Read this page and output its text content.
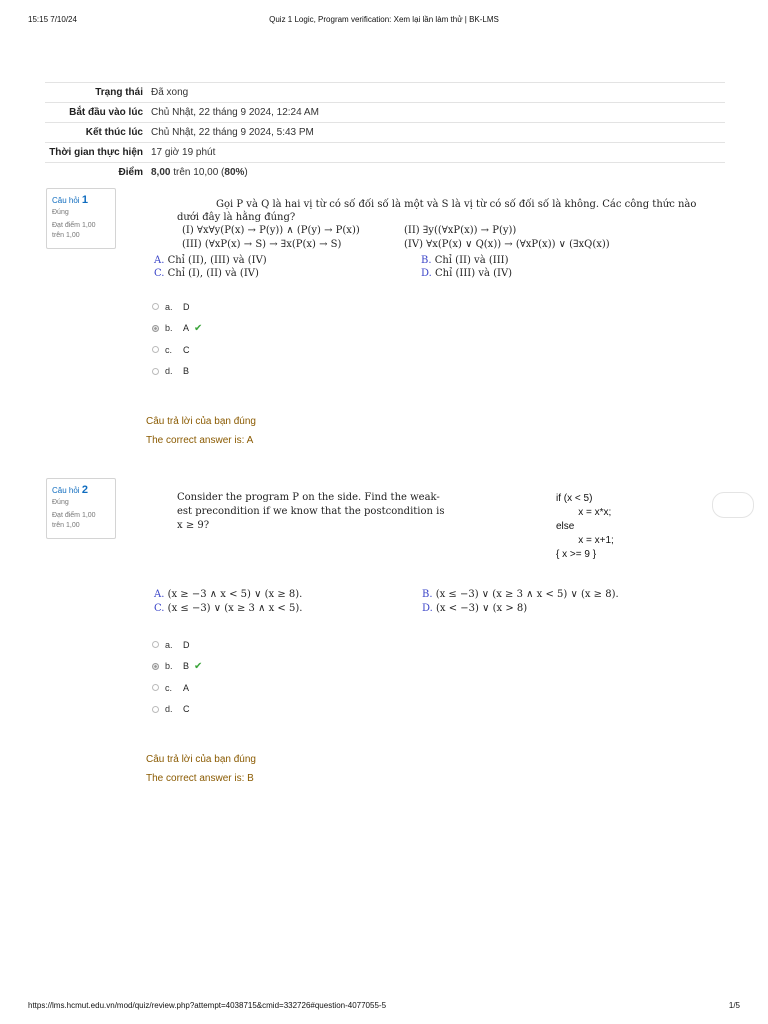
15:15 7/10/24	Quiz 1 Logic, Program verification: Xem lại lần làm thử | BK-LMS
Trạng thái	Đã xong
Bắt đầu vào lúc	Chủ Nhật, 22 tháng 9 2024, 12:24 AM
Kết thúc lúc	Chủ Nhật, 22 tháng 9 2024, 5:43 PM
Thời gian thực hiện	17 giờ 19 phút
Điểm	8,00 trên 10,00 (80%)
Câu hỏi 1
Đúng
Đạt điểm 1,00
trên 1,00
Gọi P và Q là hai vị từ có số đối số là một và S là vị từ có số đối số là không. Các công thức nào
dưới đây là hằng đúng?
(I) ∀x∀y(P(x) → P(y)) ∧ (P(y) → P(x))	(II) ∃y((∀xP(x)) → P(y))
(III) (∀xP(x) → S) → ∃x(P(x) → S)	(IV) ∀x(P(x) ∨ Q(x)) → (∀xP(x)) ∨ (∃xQ(x))
A. Chỉ (II), (III) và (IV)	B. Chỉ (II) và (III)
C. Chỉ (I), (II) và (IV)	D. Chỉ (III) và (IV)
a.	D
b.	A ✔
c.	C
d.	B
Câu trả lời của bạn đúng
The correct answer is: A
Câu hỏi 2
Đúng
Đạt điểm 1,00
trên 1,00
Consider the program P on the side. Find the weak-
est precondition if we know that the postcondition is
x ≥ 9?
if (x < 5)
x = x*x;
else
x = x+1;
{ x >= 9 }
A. (x ≥ −3 ∧ x < 5) ∨ (x ≥ 8).	B. (x ≤ −3) ∨ (x ≥ 3 ∧ x < 5) ∨ (x ≥ 8).
C. (x ≤ −3) ∨ (x ≥ 3 ∧ x < 5).	D. (x < −3) ∨ (x > 8)
a.	D
b.	B ✔
c.	A
d.	C
Câu trả lời của bạn đúng
The correct answer is: B
https://lms.hcmut.edu.vn/mod/quiz/review.php?attempt=4038715&cmid=332726#question-4077055-5	1/5
